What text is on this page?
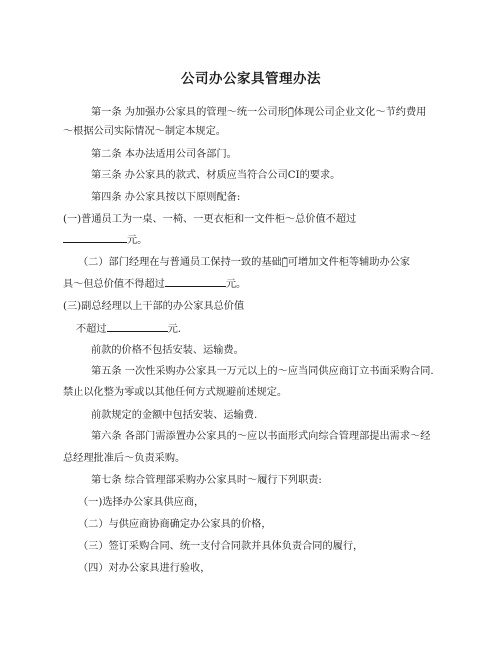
公司办公家具管理办法
第一条 为加强办公家具的管理～统一公司形象̃体现公司企业文化～节约费用
～根据公司实际情况～制定本规定。
第二条 本办法适用公司各部门。
第三条 办公家具的款式、材质应当符合公司CI的要求。
第四条 办公家具按以下原则配备:
(一)普通员工为一桌、一椅、一更衣柜和一文件柜～总价值不超过
元。
（二）部门经理在与普通员工保持一致的基础上̃可增加文件柜等辅助办公家
具～但总价值不得超过	元。
(三)副总经理以上干部的办公家具总价值
不超过	元.
前款的价格不包括安装、运输费。
第五条 一次性采购办公家具一万元以上的～应当同供应商订立书面采购合同.
禁止以化整为零或以其他任何方式规避前述规定。
前款规定的金额中包括安装、运输费.
第六条 各部门需添置办公家具的～应以书面形式向综合管理部提出需求～经
总经理批准后～负责采购。
第七条 综合管理部采购办公家具时～履行下列职责:
（一)选择办公家具供应商，
（二）与供应商协商确定办公家具的价格，
（三）签订采购合同、统一支付合同款并具体负责合同的履行，
（四）对办公家具进行验收，
